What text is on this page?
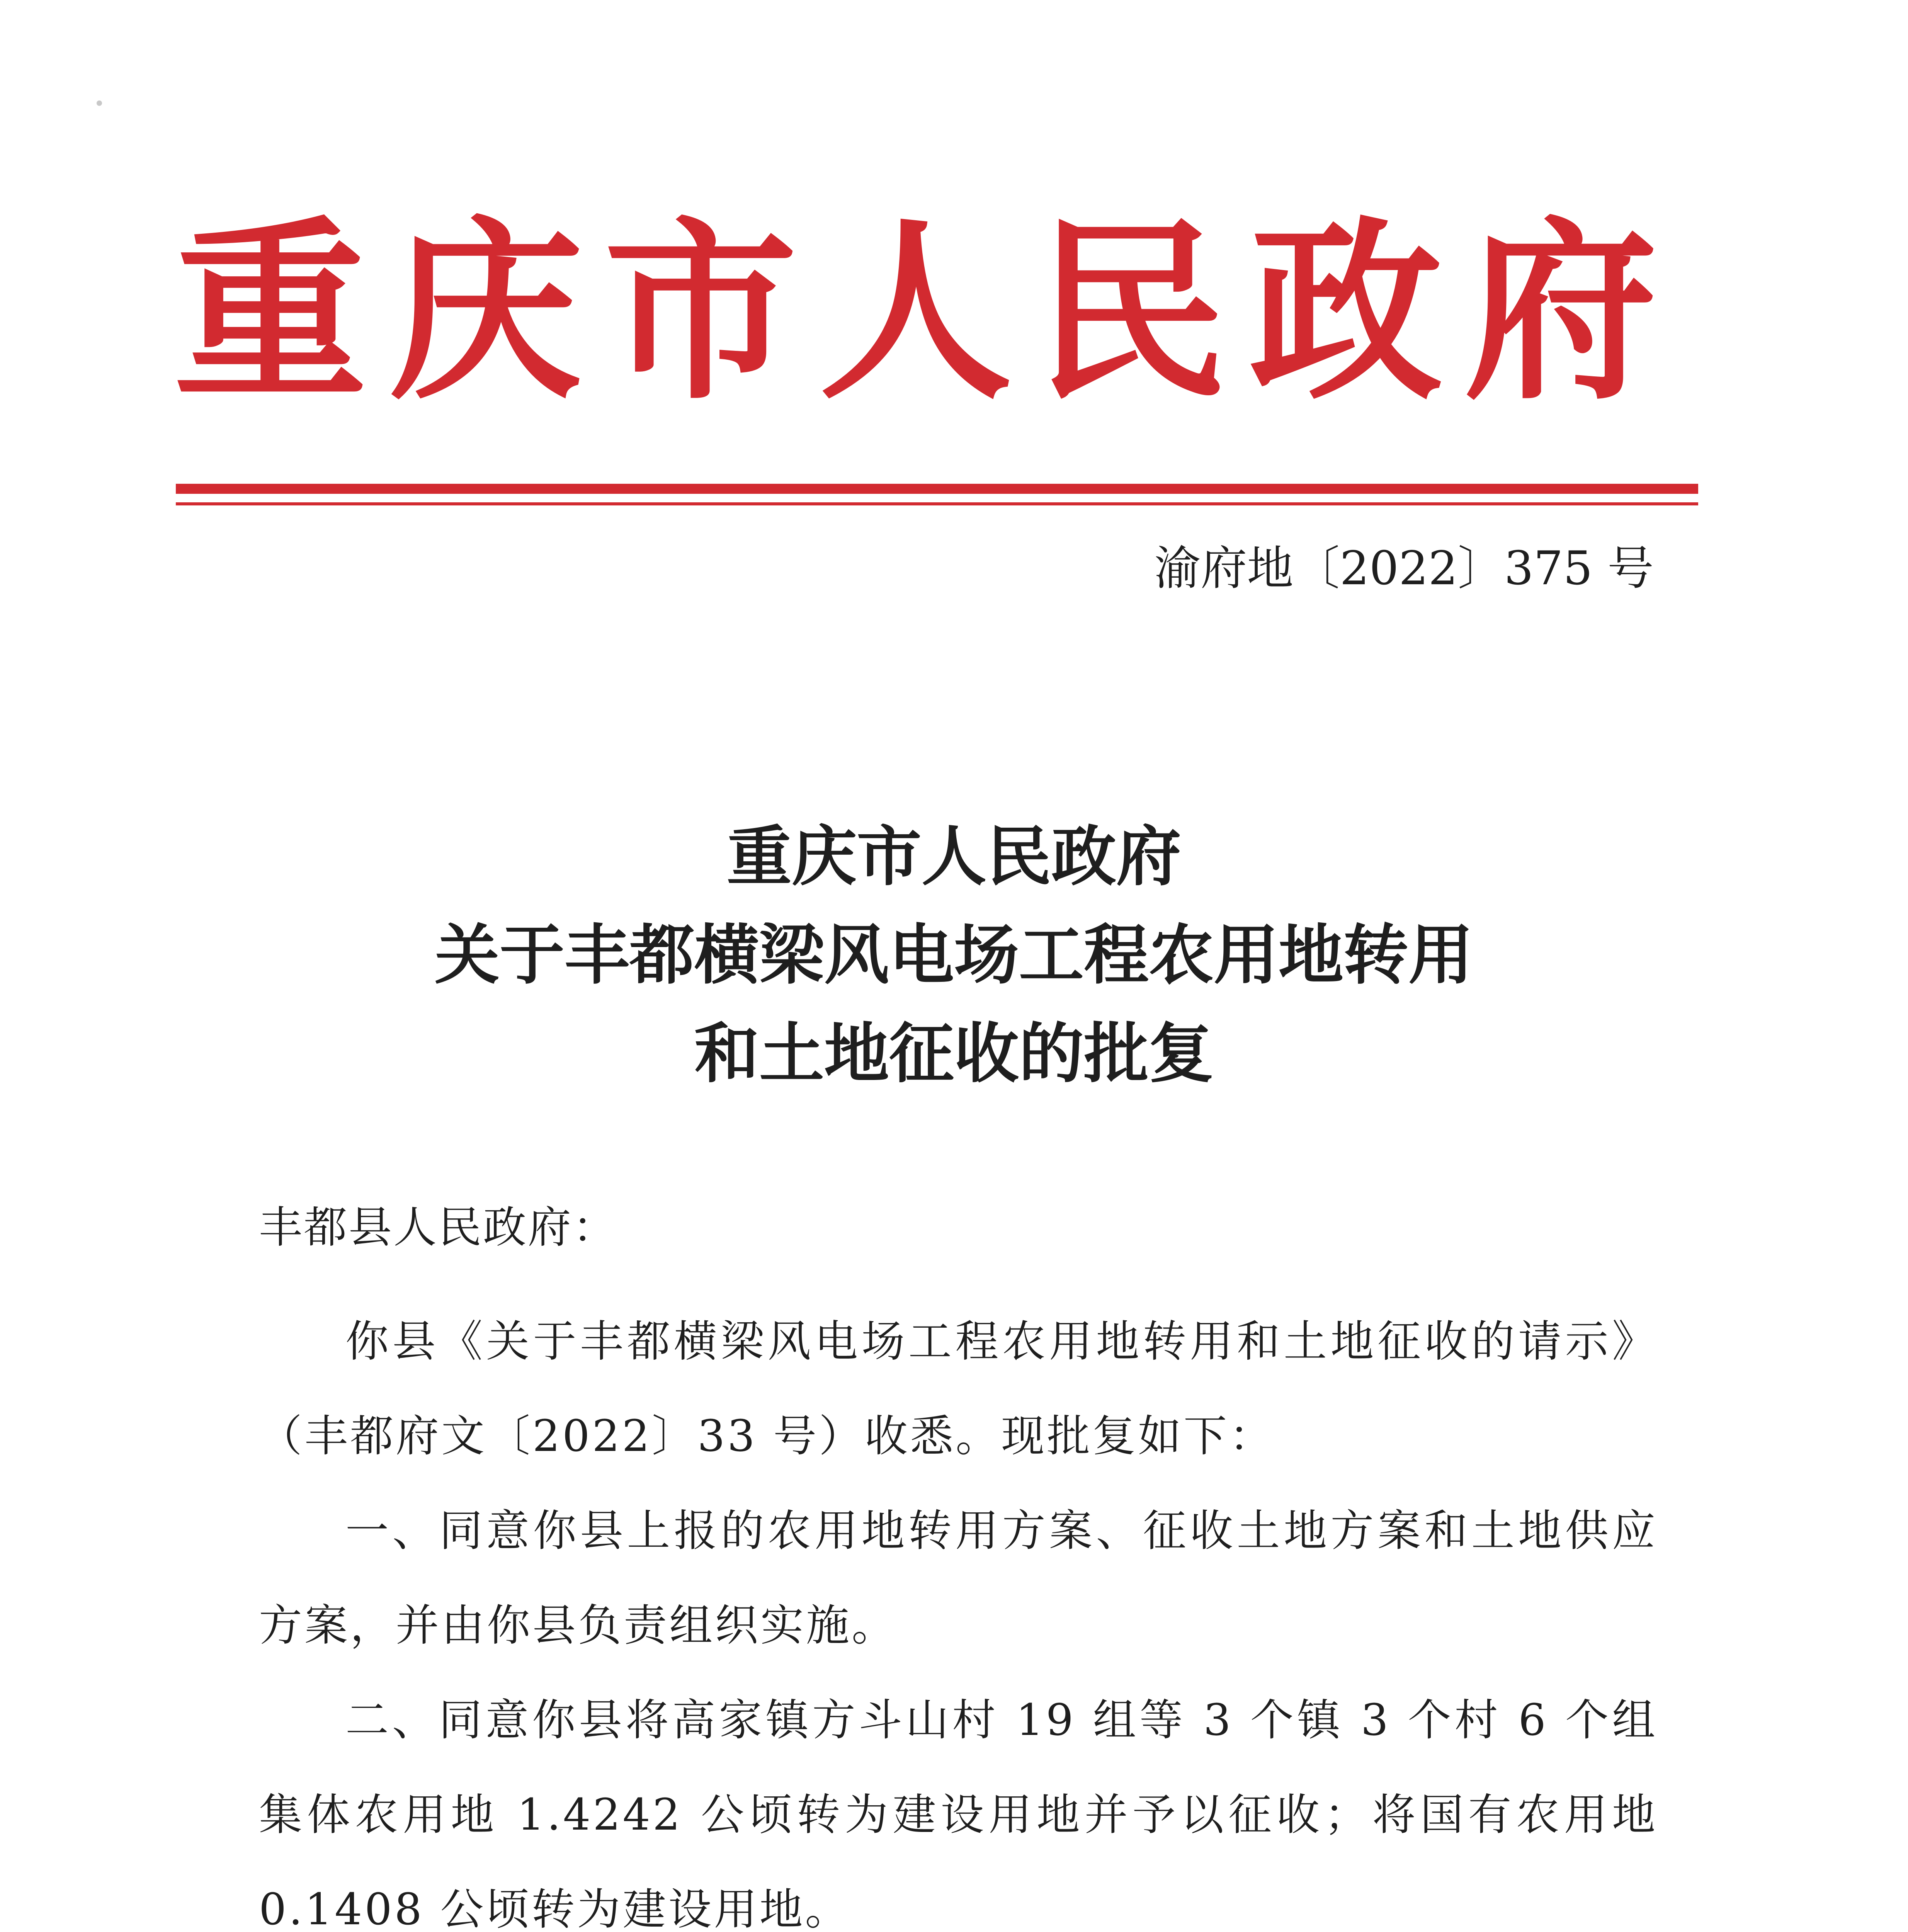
重 庆 市 人 民 政 府
渝府地〔2022〕375 号
重庆市人民政府
关于丰都横梁风电场工程农用地转用
和土地征收的批复
丰都县人民政府：

你县《关于丰都横梁风电场工程农用地转用和土地征收的请示》（丰都府文〔2022〕33 号）收悉。现批复如下：

一、同意你县上报的农用地转用方案、征收土地方案和土地供应方案，并由你县负责组织实施。

二、同意你县将高家镇方斗山村 19 组等 3 个镇 3 个村 6 个组集体农用地 1.4242 公顷转为建设用地并予以征收；将国有农用地 0.1408 公顷转为建设用地。
